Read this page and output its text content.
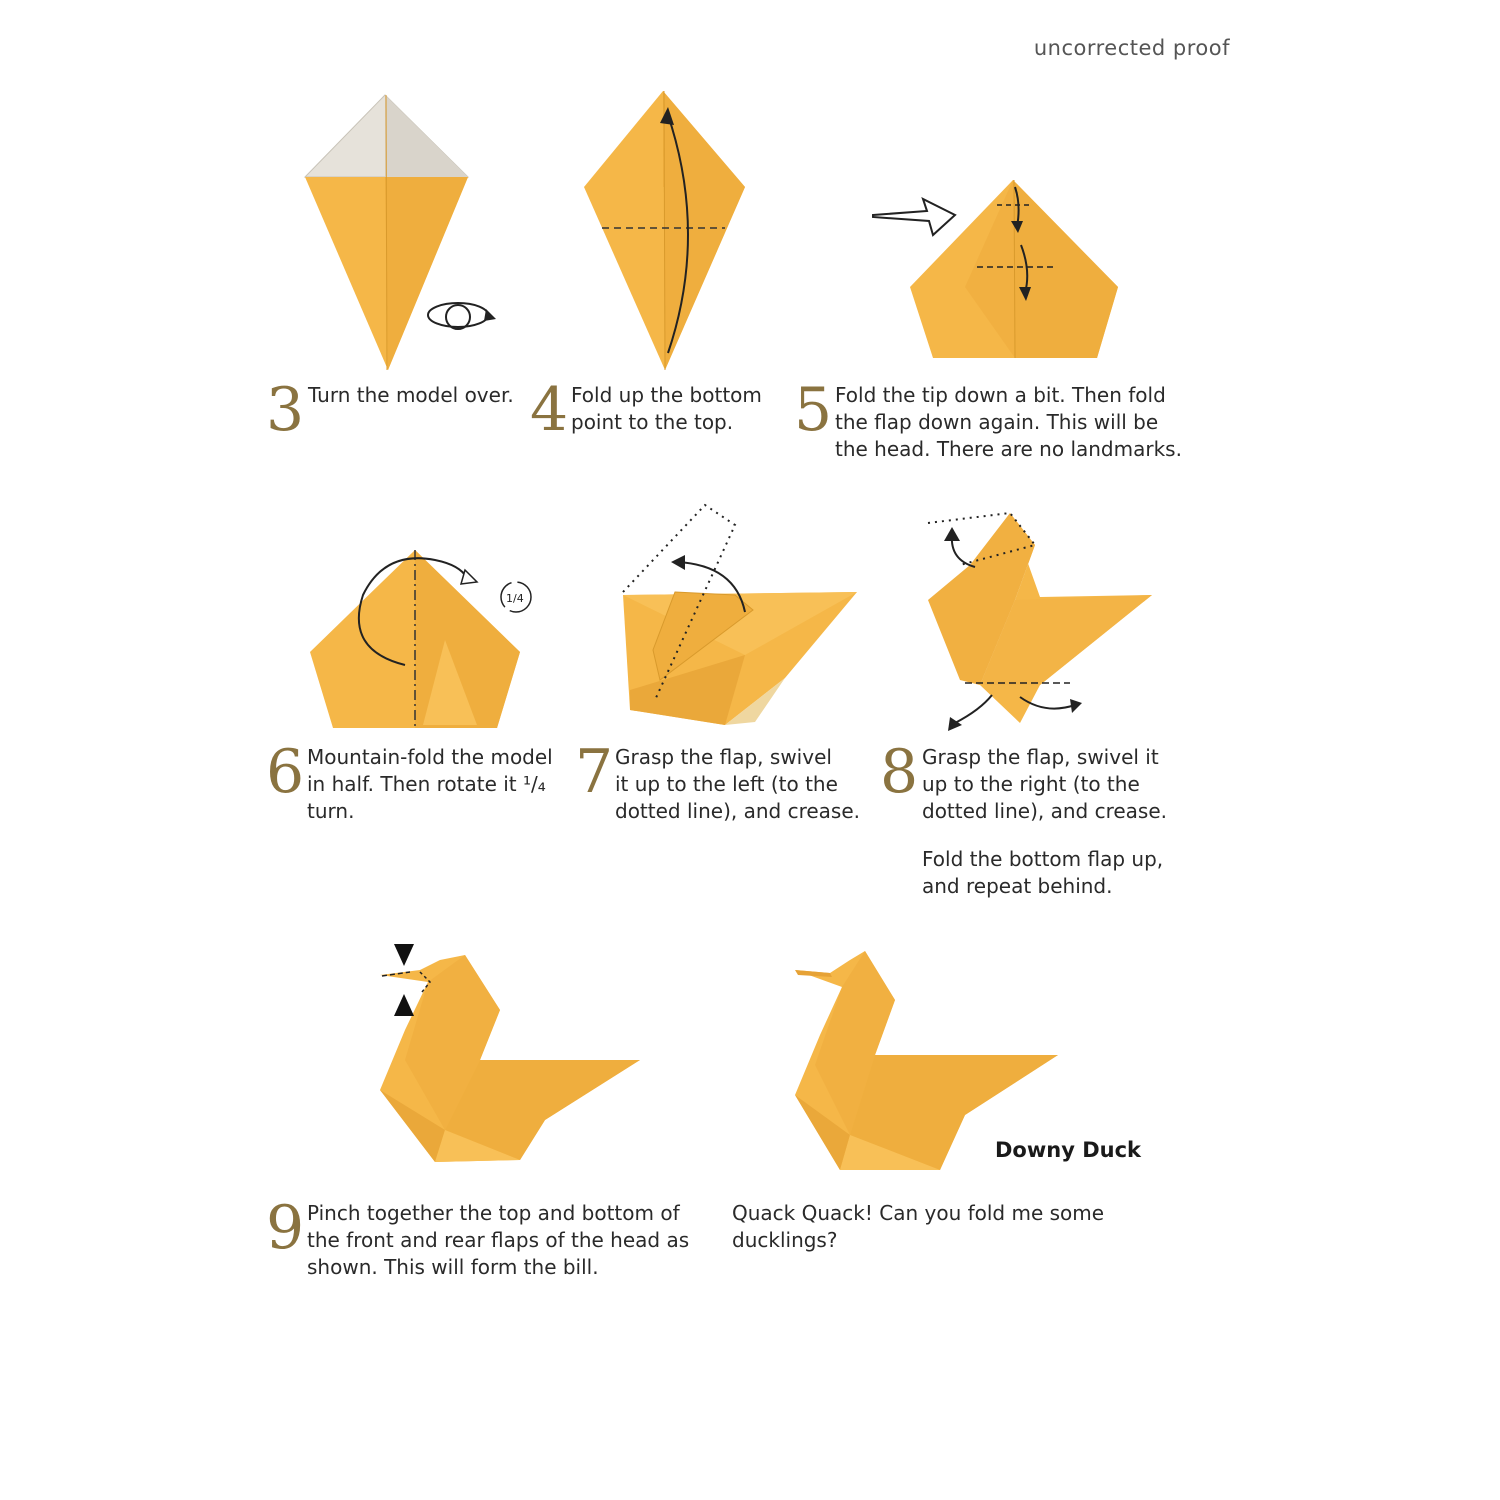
uncorrected proof
1/4
3 Turn the model over. 4 Fold up the bottom
point to the top.	5 Fold the tip down a bit. Then fold
the flap down again. This will be
the head. There are no landmarks.
6 Mountain-fold the model
in half. Then rotate it ¹/₄
turn.
7 Grasp the flap, swivel
it up to the left (to the
dotted line), and crease.
8 Grasp the flap, swivel it
up to the right (to the
dotted line), and crease.
Fold the bottom flap up,
and repeat behind.
9 Pinch together the top and bottom of
the front and rear flaps of the head as
shown. This will form the bill.
Downy Duck
Quack Quack! Can you fold me some
ducklings?
